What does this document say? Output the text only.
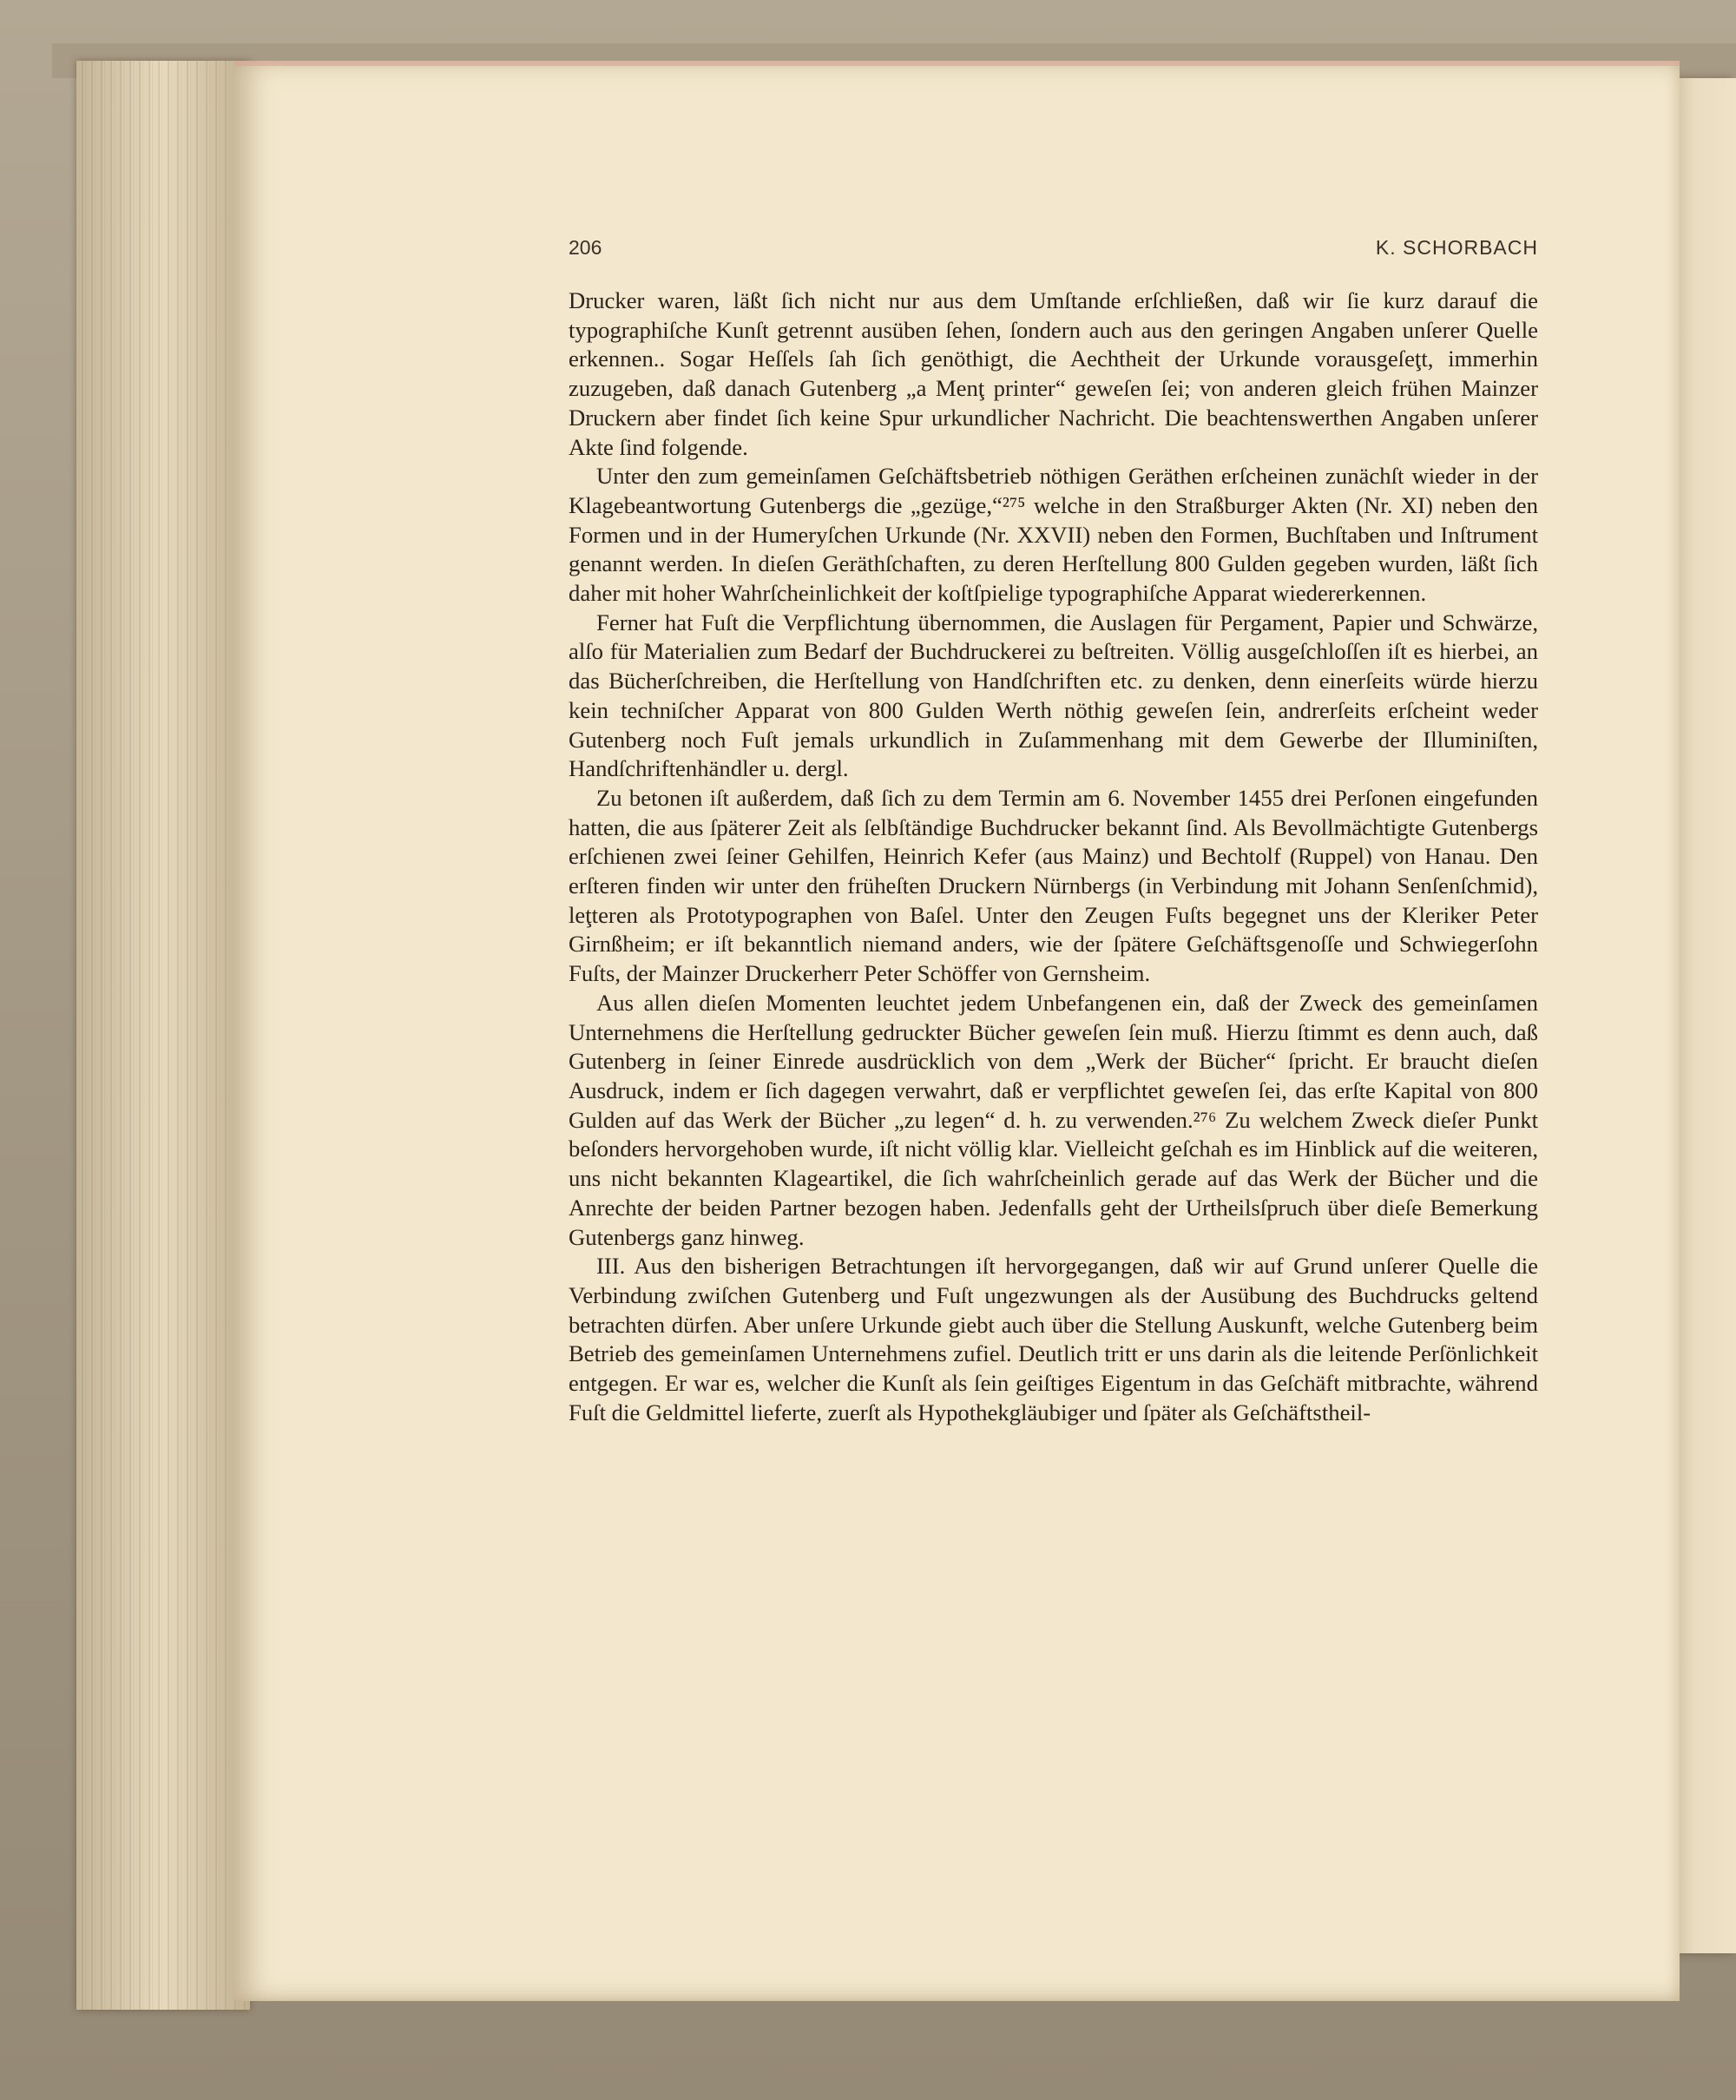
206	K. SCHORBACH

Drucker waren, läßt ſich nicht nur aus dem Umſtande erſchließen, daß wir ſie kurz darauf die typographiſche Kunſt getrennt ausüben ſehen, ſondern auch aus den geringen Angaben unſerer Quelle erkennen.. Sogar Heſſels ſah ſich genöthigt, die Aechtheit der Urkunde vorausgeſeţt, immerhin zuzugeben, daß danach Gutenberg „a Menţ printer“ geweſen ſei; von anderen gleich frühen Mainzer Druckern aber findet ſich keine Spur urkundlicher Nachricht. Die beachtenswerthen Angaben unſerer Akte ſind folgende.

Unter den zum gemeinſamen Geſchäftsbetrieb nöthigen Geräthen erſcheinen zunächſt wieder in der Klagebeantwortung Gutenbergs die „gezüge,“²⁷⁵ welche in den Straßburger Akten (Nr. XI) neben den Formen und in der Humeryſchen Urkunde (Nr. XXVII) neben den Formen, Buchſtaben und Inſtrument genannt werden. In dieſen Geräthſchaften, zu deren Herſtellung 800 Gulden gegeben wurden, läßt ſich daher mit hoher Wahrſcheinlichkeit der koſtſpielige typographiſche Apparat wiedererkennen.

Ferner hat Fuſt die Verpflichtung übernommen, die Auslagen für Pergament, Papier und Schwärze, alſo für Materialien zum Bedarf der Buchdruckerei zu beſtreiten. Völlig ausgeſchloſſen iſt es hierbei, an das Bücherſchreiben, die Herſtellung von Handſchriften etc. zu denken, denn einerſeits würde hierzu kein techniſcher Apparat von 800 Gulden Werth nöthig geweſen ſein, andrerſeits erſcheint weder Gutenberg noch Fuſt jemals urkundlich in Zuſammenhang mit dem Gewerbe der Illuminiſten, Handſchriftenhändler u. dergl.

Zu betonen iſt außerdem, daß ſich zu dem Termin am 6. November 1455 drei Perſonen eingefunden hatten, die aus ſpäterer Zeit als ſelbſtändige Buchdrucker bekannt ſind. Als Bevollmächtigte Gutenbergs erſchienen zwei ſeiner Gehilfen, Heinrich Kefer (aus Mainz) und Bechtolf (Ruppel) von Hanau. Den erſteren finden wir unter den früheſten Druckern Nürnbergs (in Verbindung mit Johann Senſenſchmid), leţteren als Prototypographen von Baſel. Unter den Zeugen Fuſts begegnet uns der Kleriker Peter Girnßheim; er iſt bekanntlich niemand anders, wie der ſpätere Geſchäftsgenoſſe und Schwiegerſohn Fuſts, der Mainzer Druckerherr Peter Schöffer von Gernsheim.

Aus allen dieſen Momenten leuchtet jedem Unbefangenen ein, daß der Zweck des gemeinſamen Unternehmens die Herſtellung gedruckter Bücher geweſen ſein muß. Hierzu ſtimmt es denn auch, daß Gutenberg in ſeiner Einrede ausdrücklich von dem „Werk der Bücher“ ſpricht. Er braucht dieſen Ausdruck, indem er ſich dagegen verwahrt, daß er verpflichtet geweſen ſei, das erſte Kapital von 800 Gulden auf das Werk der Bücher „zu legen“ d. h. zu verwenden.²⁷⁶ Zu welchem Zweck dieſer Punkt beſonders hervorgehoben wurde, iſt nicht völlig klar. Vielleicht geſchah es im Hinblick auf die weiteren, uns nicht bekannten Klageartikel, die ſich wahrſcheinlich gerade auf das Werk der Bücher und die Anrechte der beiden Partner bezogen haben. Jedenfalls geht der Urtheilsſpruch über dieſe Bemerkung Gutenbergs ganz hinweg.

III. Aus den bisherigen Betrachtungen iſt hervorgegangen, daß wir auf Grund unſerer Quelle die Verbindung zwiſchen Gutenberg und Fuſt ungezwungen als der Ausübung des Buchdrucks geltend betrachten dürfen. Aber unſere Urkunde giebt auch über die Stellung Auskunft, welche Gutenberg beim Betrieb des gemeinſamen Unternehmens zufiel. Deutlich tritt er uns darin als die leitende Perſönlichkeit entgegen. Er war es, welcher die Kunſt als ſein geiſtiges Eigentum in das Geſchäft mitbrachte, während Fuſt die Geldmittel lieferte, zuerſt als Hypothekgläubiger und ſpäter als Geſchäftstheil-
